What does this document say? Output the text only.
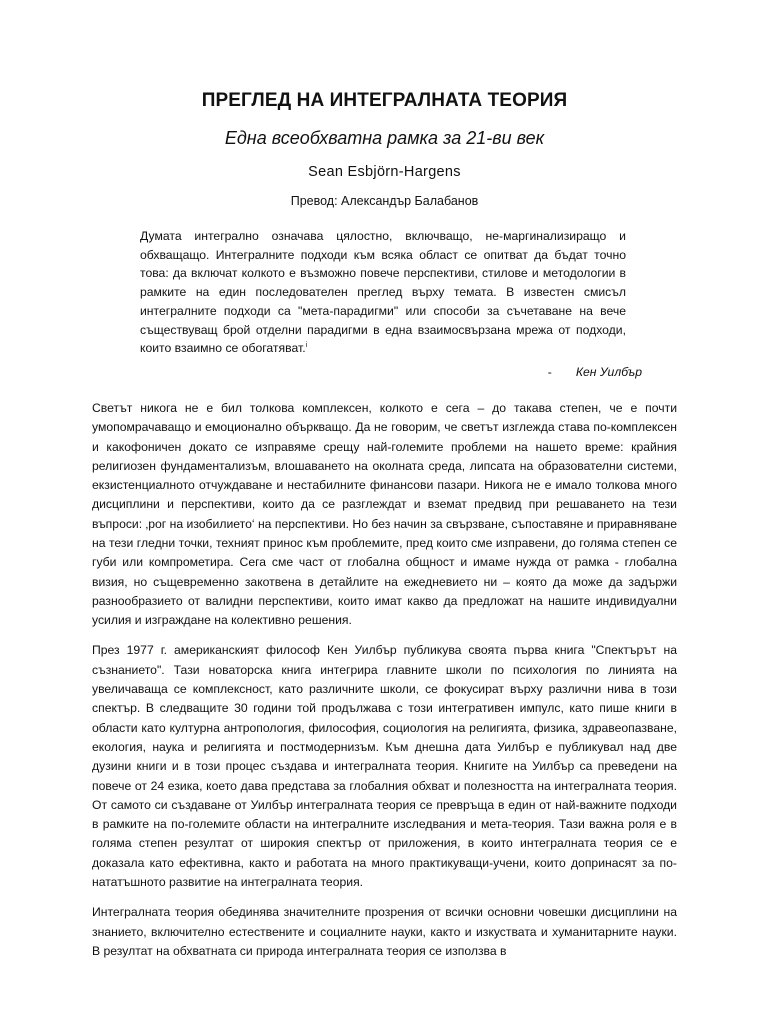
ПРЕГЛЕД НА ИНТЕГРАЛНАТА ТЕОРИЯ
Една всеобхватна рамка за 21-ви век
Sean Esbjörn-Hargens
Превод: Александър Балабанов
Думата интегрално означава цялостно, включващо, не-маргинализиращо и обхващащо. Интегралните подходи към всяка област се опитват да бъдат точно това: да включат колкото е възможно повече перспективи, стилове и методологии в рамките на един последователен преглед върху темата. В известен смисъл интегралните подходи са "мета-парадигми" или способи за съчетаване на вече съществуващ брой отделни парадигми в една взаимосвързана мрежа от подходи, които взаимно се обогатяват.$^i$
- Кен Уилбър

Светът никога не е бил толкова комплексен, колкото е сега – до такава степен, че е почти умопомрачаващо и емоционално объркващо. Да не говорим, че светът изглежда става по-комплексен и какофоничен докато се изправяме срещу най-големите проблеми на нашето време: крайния религиозен фундаментализъм, влошаването на околната среда, липсата на образователни системи, екзистенциалното отчуждаване и нестабилните финансови пазари. Никога не е имало толкова много дисциплини и перспективи, които да се разглеждат и вземат предвид при решаването на тези въпроси: ‚рог на изобилието‘ на перспективи. Но без начин за свързване, съпоставяне и приравняване на тези гледни точки, техният принос към проблемите, пред които сме изправени, до голяма степен се губи или компрометира. Сега сме част от глобална общност и имаме нужда от рамка - глобална визия, но същевременно закотвена в детайлите на ежедневието ни – която да може да задържи разнообразието от валидни перспективи, които имат какво да предложат на нашите индивидуални усилия и изграждане на колективно решения.

През 1977 г. американският философ Кен Уилбър публикува своята първа книга "Спектърът на съзнанието". Тази новаторска книга интегрира главните школи по психология по линията на увеличаваща се комплексност, като различните школи, се фокусират върху различни нива в този спектър. В следващите 30 години той продължава с този интегративен импулс, като пише книги в области като културна антропология, философия, социология на религията, физика, здравеопазване, екология, наука и религията и постмодернизъм. Към днешна дата Уилбър е публикувал над две дузини книги и в този процес създава и интегралната теория. Книгите на Уилбър са преведени на повече от 24 езика, което дава представа за глобалния обхват и полезността на интегралната теория. От самото си създаване от Уилбър интегралната теория се превръща в един от най-важните подходи в рамките на по-големите области на интегралните изследвания и мета-теория. Тази важна роля е в голяма степен резултат от широкия спектър от приложения, в които интегралната теория се е доказала като ефективна, както и работата на много практикуващи-учени, които допринасят за по-нататъшното развитие на интегралната теория.

Интегралната теория обединява значителните прозрения от всички основни човешки дисциплини на знанието, включително естествените и социалните науки, както и изкуствата и хуманитарните науки. В резултат на обхватната си природа интегралната теория се използва в
